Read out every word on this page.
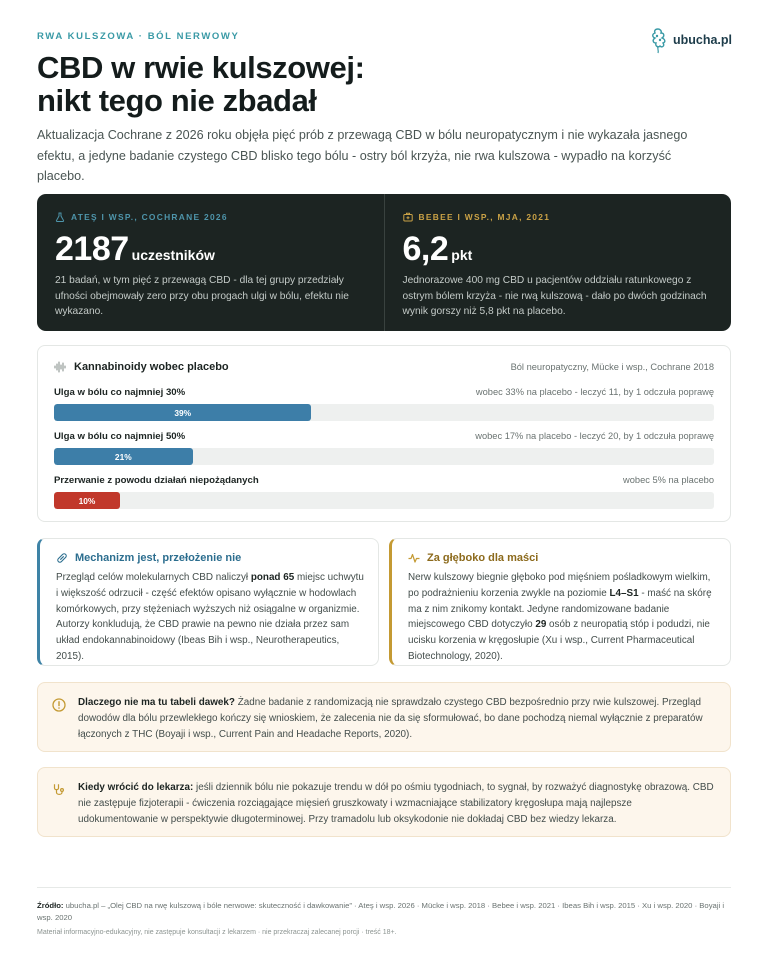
RWA KULSZOWA · BÓL NERWOWY	ubucha.pl
CBD w rwie kulszowej:
nikt tego nie zbadał

Aktualizacja Cochrane z 2026 roku objęła pięć prób z przewagą CBD w bólu neuropatycznym i nie wykazała jasnego efektu, a jedyne badanie czystego CBD blisko tego bólu - ostry ból krzyża, nie rwa kulszowa - wypadło na korzyść placebo.

ATEŞ I WSP., COCHRANE 2026
2187 uczestników

21 badań, w tym pięć z przewagą CBD - dla tej grupy przedziały ufności obejmowały zero przy obu progach ulgi w bólu, efektu nie wykazano.

BEBEE I WSP., MJA, 2021
6,2 pkt

Jednorazowe 400 mg CBD u pacjentów oddziału ratunkowego z ostrym bólem krzyża - nie rwą kulszową - dało po dwóch godzinach wynik gorszy niż 5,8 pkt na placebo.

Kannabinoidy wobec placebo	Ból neuropatyczny, Mücke i wsp., Cochrane 2018
Ulga w bólu co najmniej 30%	wobec 33% na placebo - leczyć 11, by 1 odczuła poprawę
39%
Ulga w bólu co najmniej 50%	wobec 17% na placebo - leczyć 20, by 1 odczuła poprawę
21%
Przerwanie z powodu działań niepożądanych	wobec 5% na placebo
10%
Mechanizm jest, przełożenie nie

Przegląd celów molekularnych CBD naliczył ponad 65 miejsc uchwytu i większość odrzucił - część efektów opisano wyłącznie w hodowlach komórkowych, przy stężeniach wyższych niż osiągalne w organizmie. Autorzy konkludują, że CBD prawie na pewno nie działa przez sam układ endokannabinoidowy (Ibeas Bih i wsp., Neurotherapeutics, 2015).

Za głęboko dla maści

Nerw kulszowy biegnie głęboko pod mięśniem pośladkowym wielkim, po podrażnieniu korzenia zwykle na poziomie L4–S1 - maść na skórę ma z nim znikomy kontakt. Jedyne randomizowane badanie miejscowego CBD dotyczyło 29 osób z neuropatią stóp i podudzi, nie ucisku korzenia w kręgosłupie (Xu i wsp., Current Pharmaceutical Biotechnology, 2020).

Dlaczego nie ma tu tabeli dawek? Żadne badanie z randomizacją nie sprawdzało czystego CBD bezpośrednio przy rwie kulszowej. Przegląd dowodów dla bólu przewlekłego kończy się wnioskiem, że zalecenia nie da się sformułować, bo dane pochodzą niemal wyłącznie z preparatów łączonych z THC (Boyaji i wsp., Current Pain and Headache Reports, 2020).

Kiedy wrócić do lekarza: jeśli dziennik bólu nie pokazuje trendu w dół po ośmiu tygodniach, to sygnał, by rozważyć diagnostykę obrazową. CBD nie zastępuje fizjoterapii - ćwiczenia rozciągające mięsień gruszkowaty i wzmacniające stabilizatory kręgosłupa mają najlepsze udokumentowanie w perspektywie długoterminowej. Przy tramadolu lub oksykodonie nie dokładaj CBD bez wiedzy lekarza.

Źródło: ubucha.pl – „Olej CBD na rwę kulszową i bóle nerwowe: skuteczność i dawkowanie” · Ateş i wsp. 2026 · Mücke i wsp. 2018 · Bebee i wsp. 2021 · Ibeas Bih i wsp. 2015 · Xu i wsp. 2020 · Boyaji i wsp. 2020

Materiał informacyjno-edukacyjny, nie zastępuje konsultacji z lekarzem · nie przekraczaj zalecanej porcji · treść 18+.
